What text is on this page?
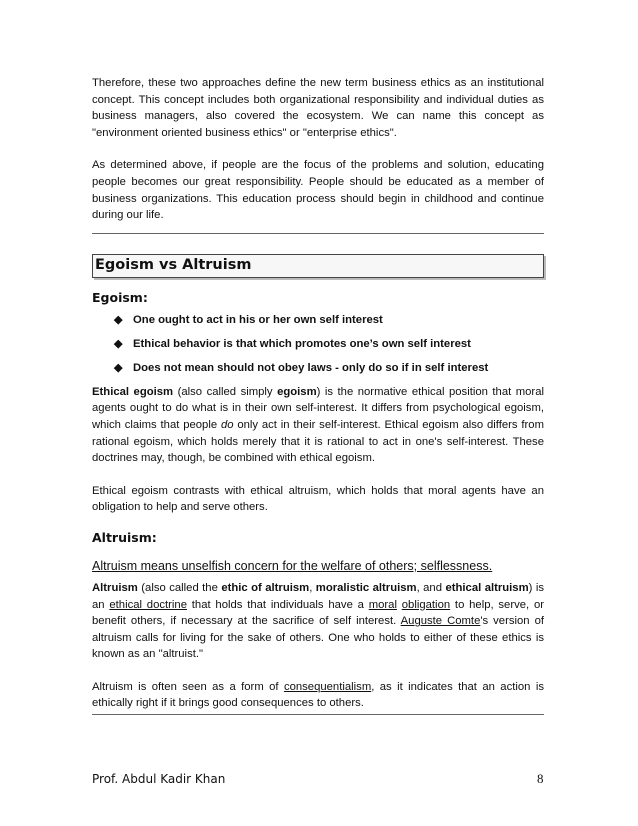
Therefore, these two approaches define the new term business ethics as an institutional concept. This concept includes both organizational responsibility and individual duties as business managers, also covered the ecosystem. We can name this concept as "environment oriented business ethics" or "enterprise ethics".

As determined above, if people are the focus of the problems and solution, educating people becomes our great responsibility. People should be educated as a member of business organizations. This education process should begin in childhood and continue during our life.

Egoism vs Altruism
Egoism:
◆ One ought to act in his or her own self interest
◆ Ethical behavior is that which promotes one’s own self interest
◆ Does not mean should not obey laws - only do so if in self interest

Ethical egoism (also called simply egoism) is the normative ethical position that moral agents ought to do what is in their own self-interest. It differs from psychological egoism, which claims that people do only act in their self-interest. Ethical egoism also differs from rational egoism, which holds merely that it is rational to act in one's self-interest. These doctrines may, though, be combined with ethical egoism.

Ethical egoism contrasts with ethical altruism, which holds that moral agents have an obligation to help and serve others.

Altruism:
Altruism means unselfish concern for the welfare of others; selflessness.

Altruism (also called the ethic of altruism, moralistic altruism, and ethical altruism) is an ethical doctrine that holds that individuals have a moral obligation to help, serve, or benefit others, if necessary at the sacrifice of self interest. Auguste Comte's version of altruism calls for living for the sake of others. One who holds to either of these ethics is known as an "altruist."

Altruism is often seen as a form of consequentialism, as it indicates that an action is ethically right if it brings good consequences to others.

Prof. Abdul Kadir Khan	8
